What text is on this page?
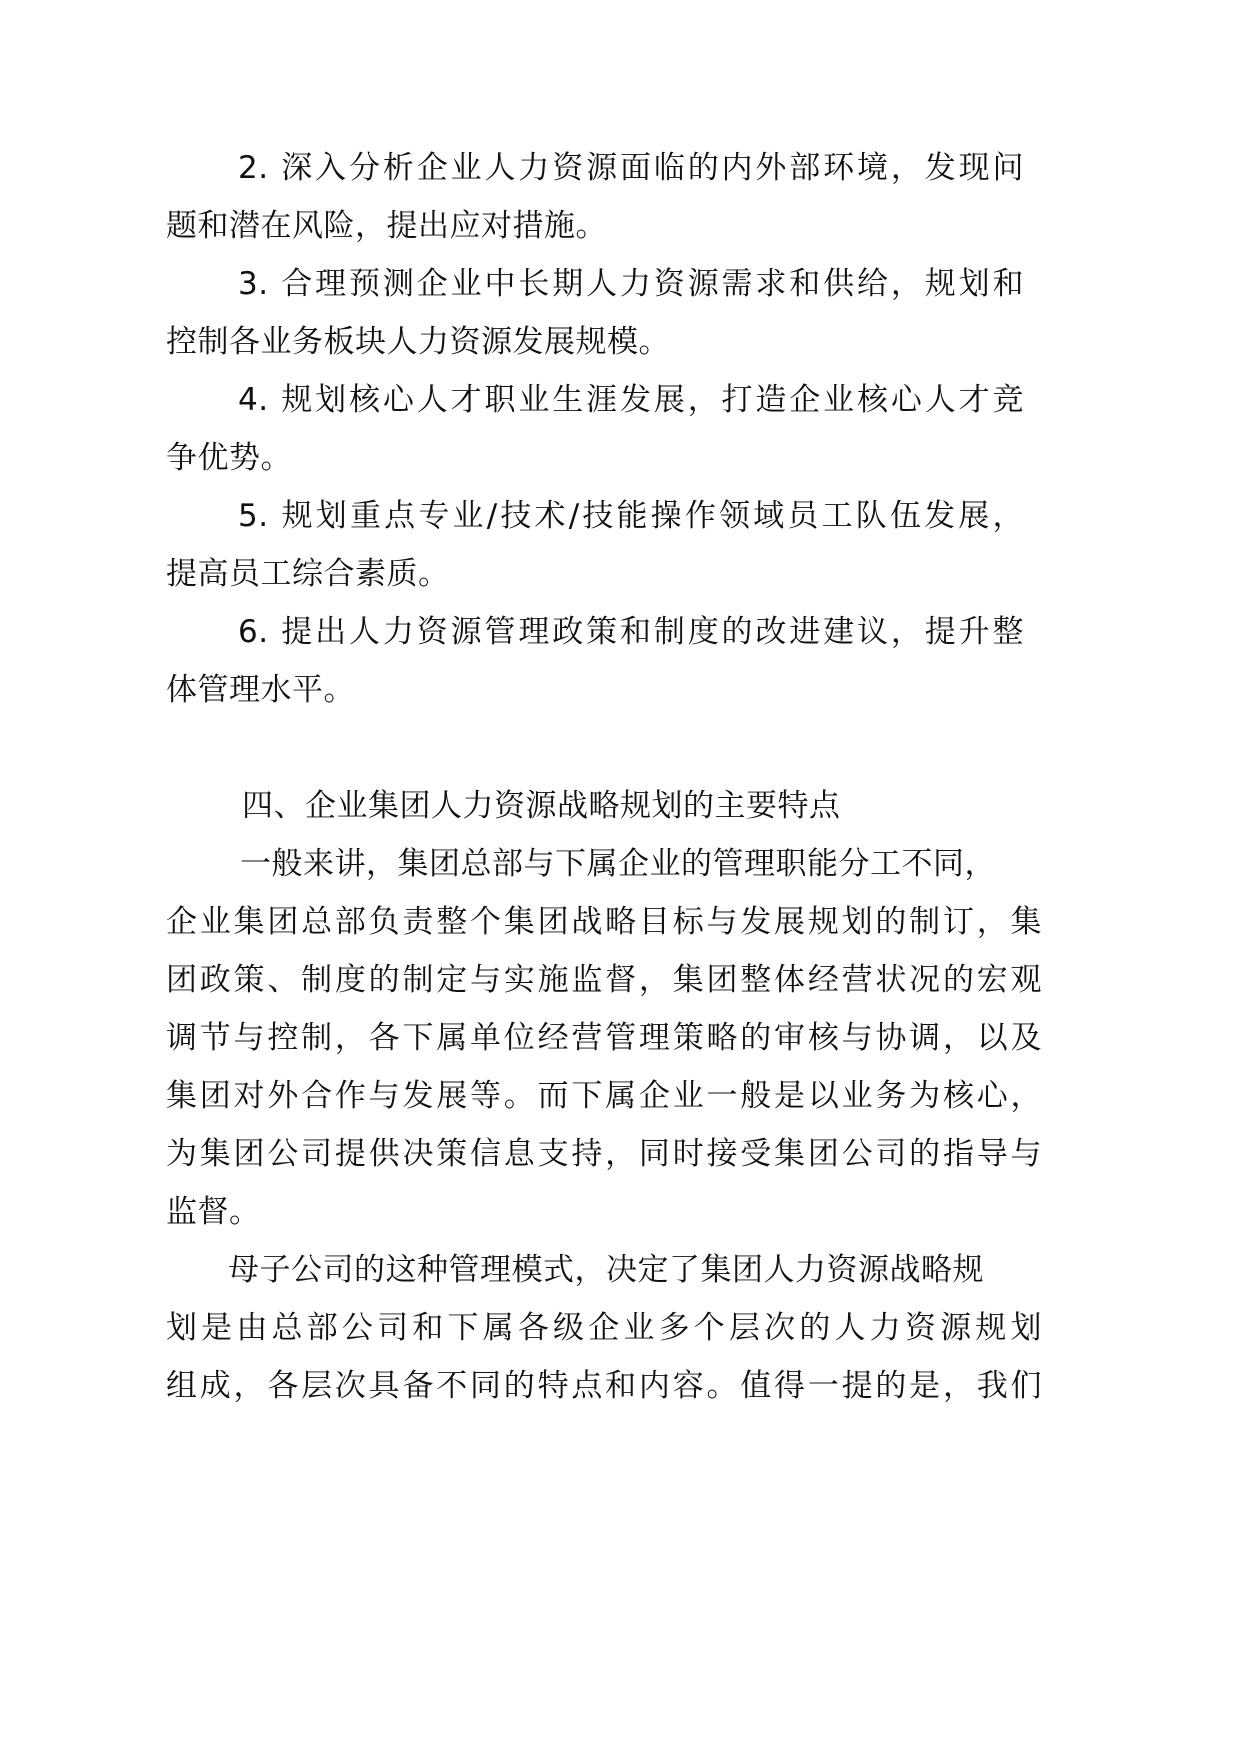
2. 深入分析企业人力资源面临的内外部环境，发现问
题和潜在风险，提出应对措施。
3. 合理预测企业中长期人力资源需求和供给，规划和
控制各业务板块人力资源发展规模。
4. 规划核心人才职业生涯发展，打造企业核心人才竞
争优势。
5. 规划重点专业/技术/技能操作领域员工队伍发展，
提高员工综合素质。
6. 提出人力资源管理政策和制度的改进建议，提升整
体管理水平。
四、企业集团人力资源战略规划的主要特点
一般来讲，集团总部与下属企业的管理职能分工不同，
企业集团总部负责整个集团战略目标与发展规划的制订，集
团政策、制度的制定与实施监督，集团整体经营状况的宏观
调节与控制，各下属单位经营管理策略的审核与协调，以及
集团对外合作与发展等。而下属企业一般是以业务为核心，
为集团公司提供决策信息支持，同时接受集团公司的指导与
监督。
母子公司的这种管理模式，决定了集团人力资源战略规
划是由总部公司和下属各级企业多个层次的人力资源规划
组成，各层次具备不同的特点和内容。值得一提的是，我们
